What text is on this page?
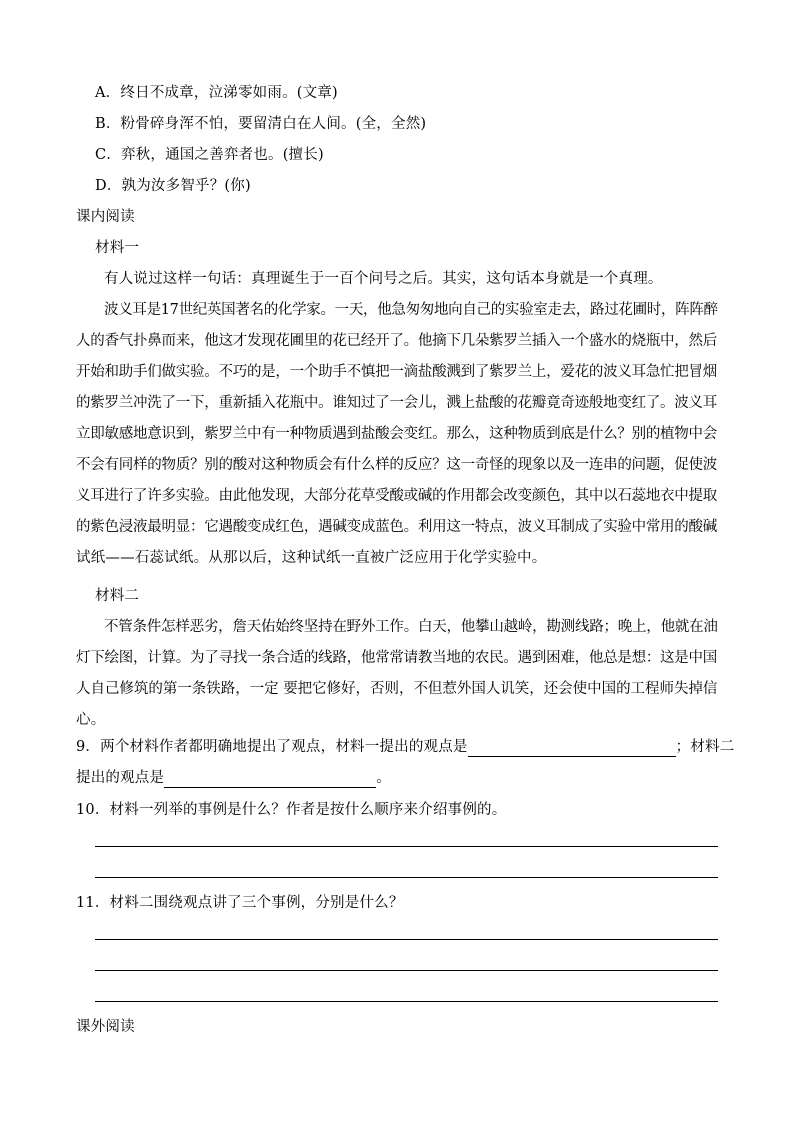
A．终日不成章，泣涕零如雨。(文章)
B．粉骨碎身浑不怕，要留清白在人间。(全，全然)
C．弈秋，通国之善弈者也。(擅长)
D．孰为汝多智乎？(你)
课内阅读
材料一
有人说过这样一句话：真理诞生于一百个问号之后。其实，这句话本身就是一个真理。
波义耳是17世纪英国著名的化学家。一天，他急匆匆地向自己的实验室走去，路过花圃时，阵阵醉
人的香气扑鼻而来，他这才发现花圃里的花已经开了。他摘下几朵紫罗兰插入一个盛水的烧瓶中，然后
开始和助手们做实验。不巧的是，一个助手不慎把一滴盐酸溅到了紫罗兰上，爱花的波义耳急忙把冒烟
的紫罗兰冲洗了一下，重新插入花瓶中。谁知过了一会儿，溅上盐酸的花瓣竟奇迹般地变红了。波义耳
立即敏感地意识到，紫罗兰中有一种物质遇到盐酸会变红。那么，这种物质到底是什么？别的植物中会
不会有同样的物质？别的酸对这种物质会有什么样的反应？这一奇怪的现象以及一连串的问题，促使波
义耳进行了许多实验。由此他发现，大部分花草受酸或碱的作用都会改变颜色，其中以石蕊地衣中提取
的紫色浸液最明显：它遇酸变成红色，遇碱变成蓝色。利用这一特点，波义耳制成了实验中常用的酸碱
试纸——石蕊试纸。从那以后，这种试纸一直被广泛应用于化学实验中。
材料二
不管条件怎样恶劣，詹天佑始终坚持在野外工作。白天，他攀山越岭，勘测线路；晚上，他就在油
灯下绘图，计算。为了寻找一条合适的线路，他常常请教当地的农民。遇到困难，他总是想：这是中国
人自己修筑的第一条铁路，一定 要把它修好，否则，不但惹外国人讥笑，还会使中国的工程师失掉信
心。
9．两个材料作者都明确地提出了观点，材料一提出的观点是	；材料二
提出的观点是	。
10．材料一列举的事例是什么？作者是按什么顺序来介绍事例的。
11．材料二围绕观点讲了三个事例，分别是什么？
课外阅读
